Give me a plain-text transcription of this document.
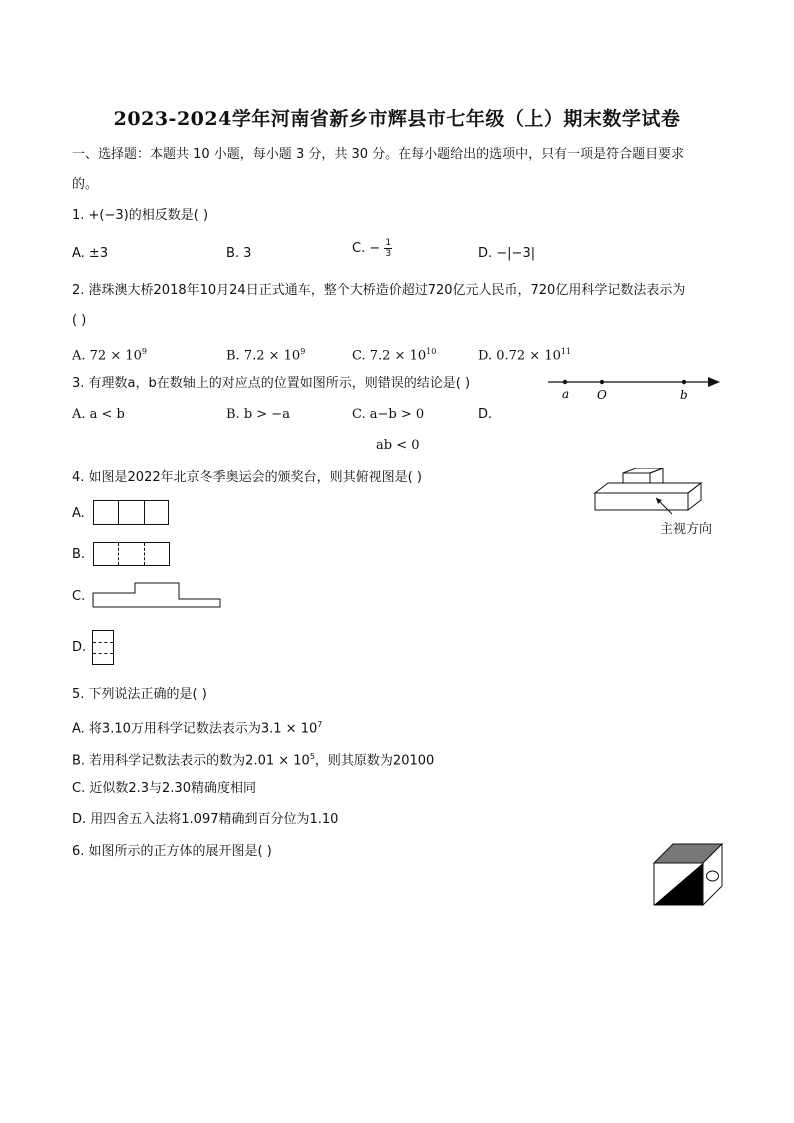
2023-2024学年河南省新乡市辉县市七年级（上）期末数学试卷
一、选择题：本题共 10 小题，每小题 3 分，共 30 分。在每小题给出的选项中，只有一项是符合题目要求
的。
1. +(−3)的相反数是( )
A. ±3	B. 3	C. − $\frac{1}{3}$	D. −|−3|
2. 港珠澳大桥2018年10月24日正式通车，整个大桥造价超过720亿元人民币，720亿用科学记数法表示为
( )
A. $72 \times 10^9$	B. $7.2 \times 10^9$	C. $7.2 \times 10^{10}$	D. $0.72 \times 10^{11}$
3. 有理数a，b在数轴上的对应点的位置如图所示，则错误的结论是( )
A. a < b	B. b > −a	C. a−b > 0	D.
ab < 0
a O	b
4. 如图是2022年北京冬季奥运会的颁奖台，则其俯视图是( )
主视方向
A.
B.
C.
D.
5. 下列说法正确的是( )
A. 将3.10万用科学记数法表示为$3.1 \times 10^7$
B. 若用科学记数法表示的数为$2.01 \times 10^5$，则其原数为20100
C. 近似数2.3与2.30精确度相同
D. 用四舍五入法将1.097精确到百分位为1.10
6. 如图所示的正方体的展开图是( )
